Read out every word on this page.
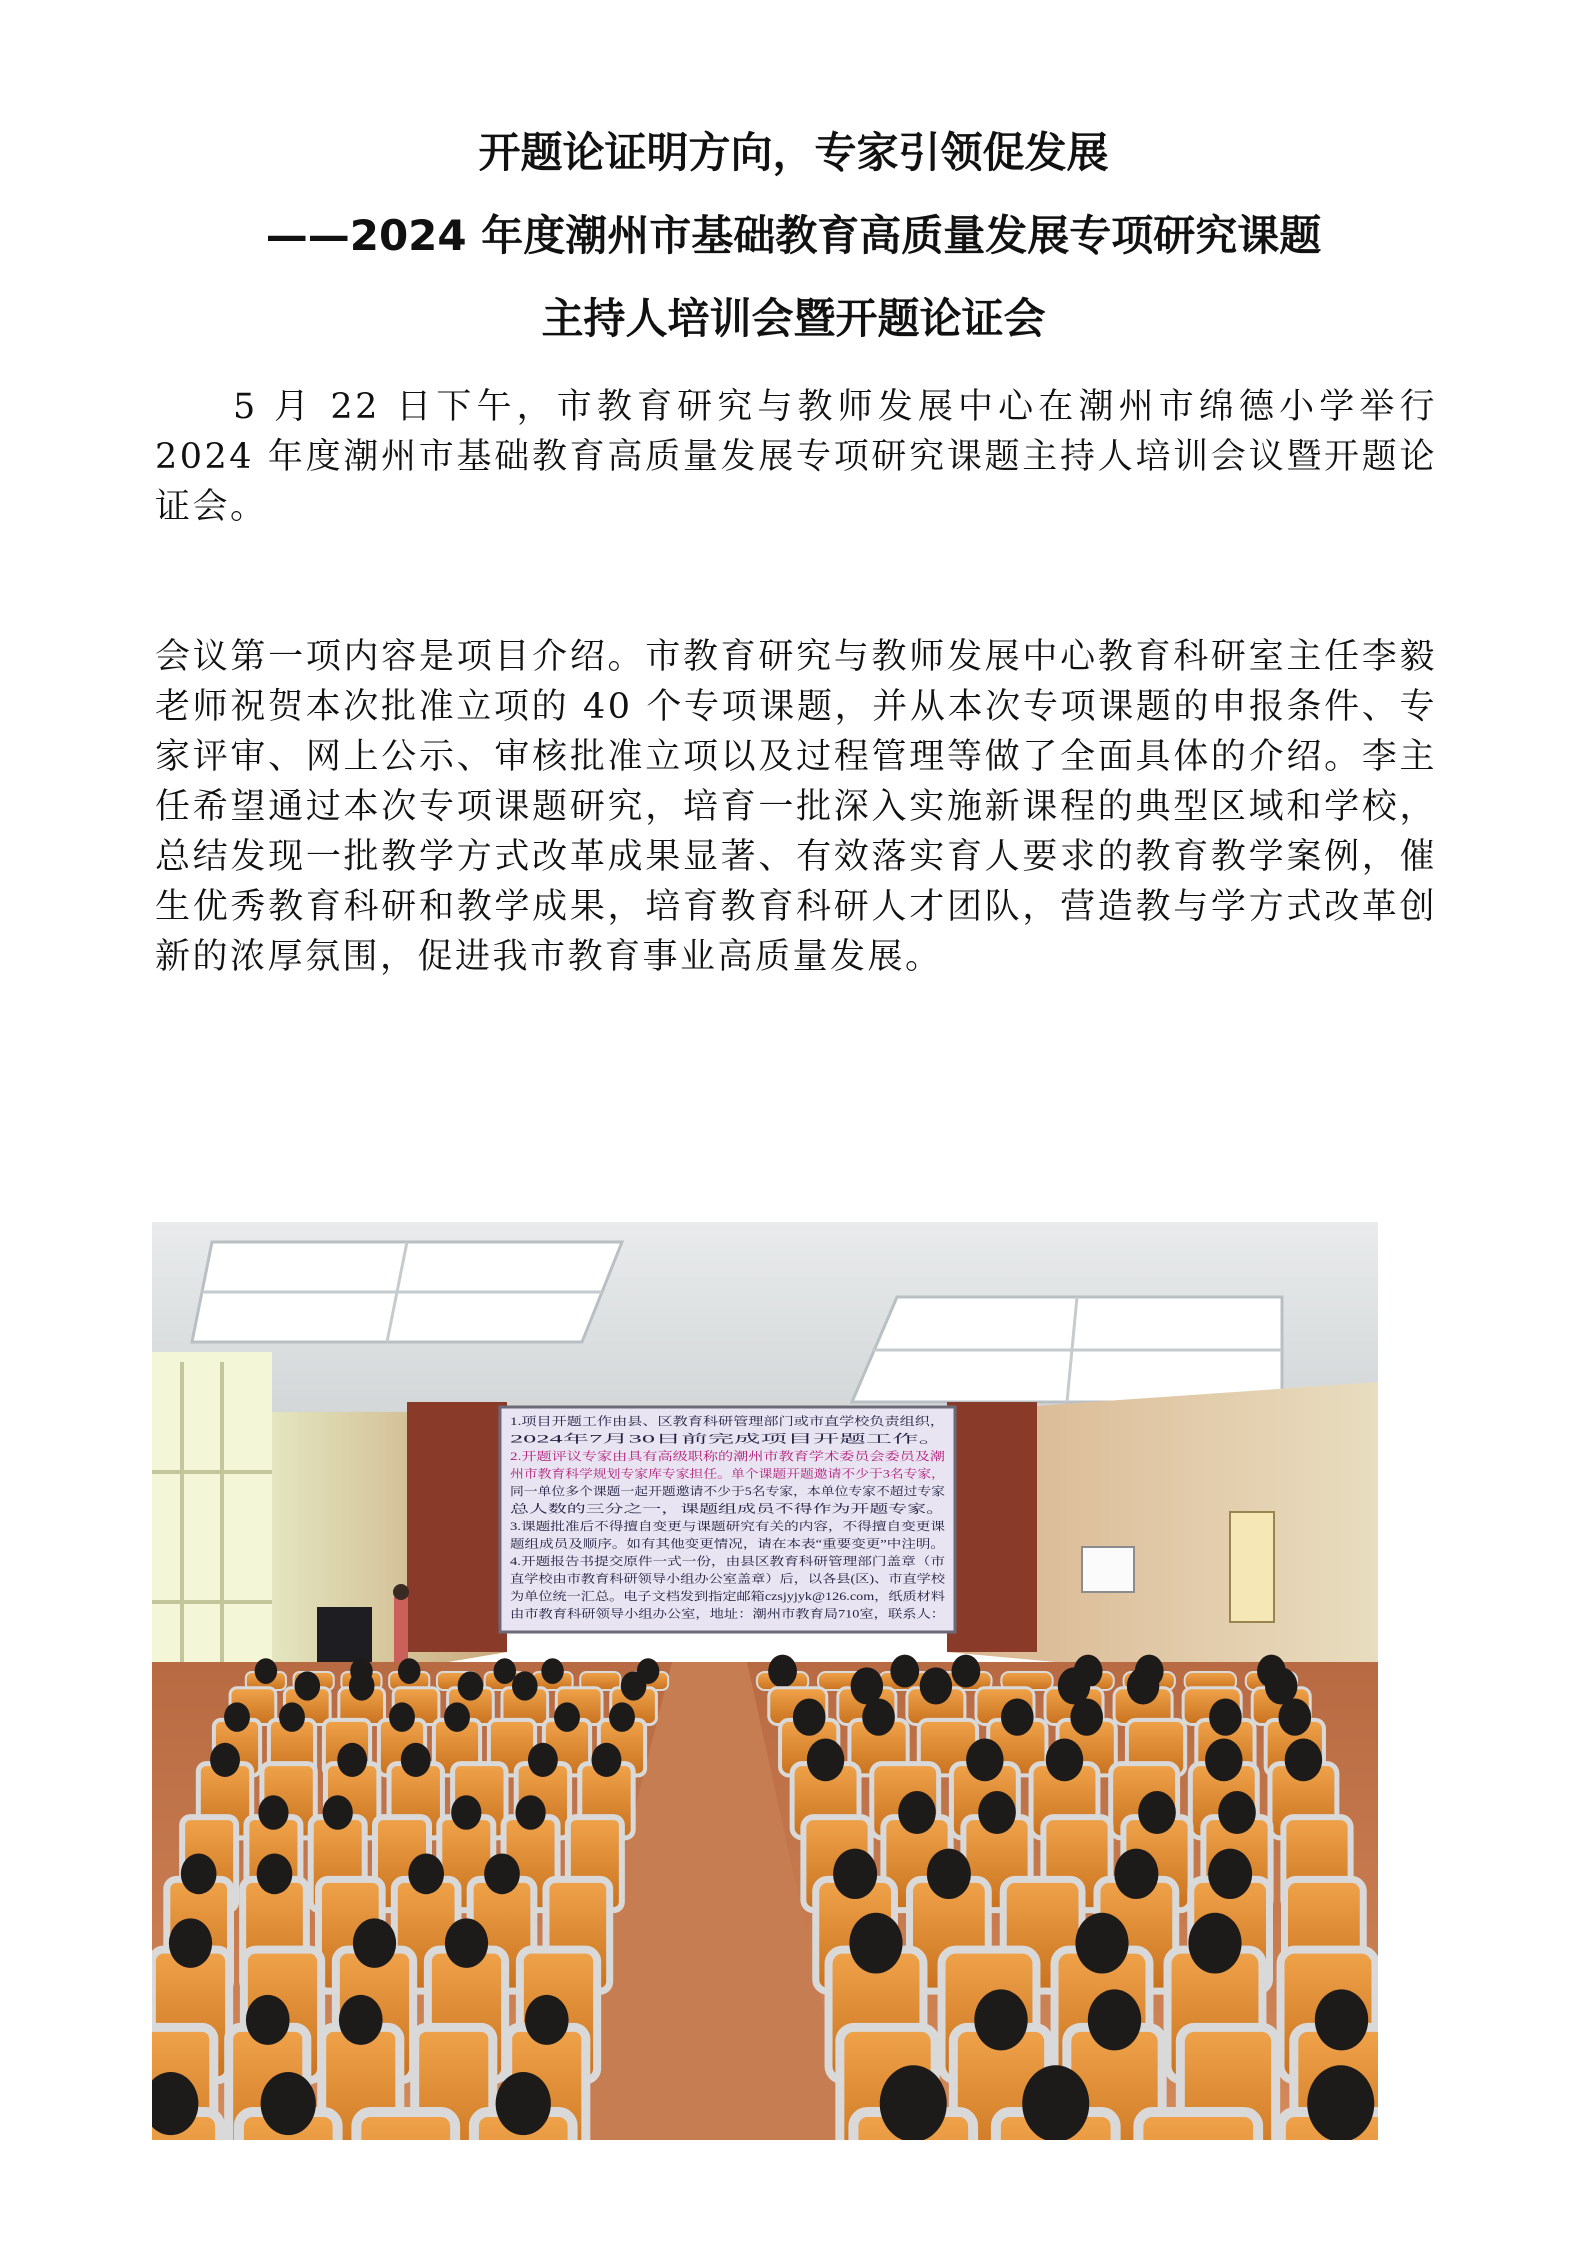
开题论证明方向，专家引领促发展
——2024 年度潮州市基础教育高质量发展专项研究课题
主持人培训会暨开题论证会

5 月 22 日下午，市教育研究与教师发展中心在潮州市绵德小学举行2024 年度潮州市基础教育高质量发展专项研究课题主持人培训会议暨开题论证会。

会议第一项内容是项目介绍。市教育研究与教师发展中心教育科研室主任李毅老师祝贺本次批准立项的 40 个专项课题，并从本次专项课题的申报条件、专家评审、网上公示、审核批准立项以及过程管理等做了全面具体的介绍。李主任希望通过本次专项课题研究，培育一批深入实施新课程的典型区域和学校，总结发现一批教学方式改革成果显著、有效落实育人要求的教育教学案例，催生优秀教育科研和教学成果，培育教育科研人才团队，营造教与学方式改革创新的浓厚氛围，促进我市教育事业高质量发展。

1.项目开题工作由县、区教育科研管理部门或市直学校负责组织，
2024年7月30日前完成项目开题工作。
2.开题评议专家由具有高级职称的潮州市教育学术委员会委员及潮
州市教育科学规划专家库专家担任。单个课题开题邀请不少于3名专家，
同一单位多个课题一起开题邀请不少于5名专家，本单位专家不超过专家
总人数的三分之一，课题组成员不得作为开题专家。
3.课题批准后不得擅自变更与课题研究有关的内容，不得擅自变更课
题组成员及顺序。如有其他变更情况，请在本表“重要变更”中注明。
4.开题报告书提交原件一式一份，由县区教育科研管理部门盖章（市
直学校由市教育科研领导小组办公室盖章）后，以各县(区)、市直学校
为单位统一汇总。电子文档发到指定邮箱czsjyjyk@126.com，纸质材料
由市教育科研领导小组办公室，地址：潮州市教育局710室，联系人：
